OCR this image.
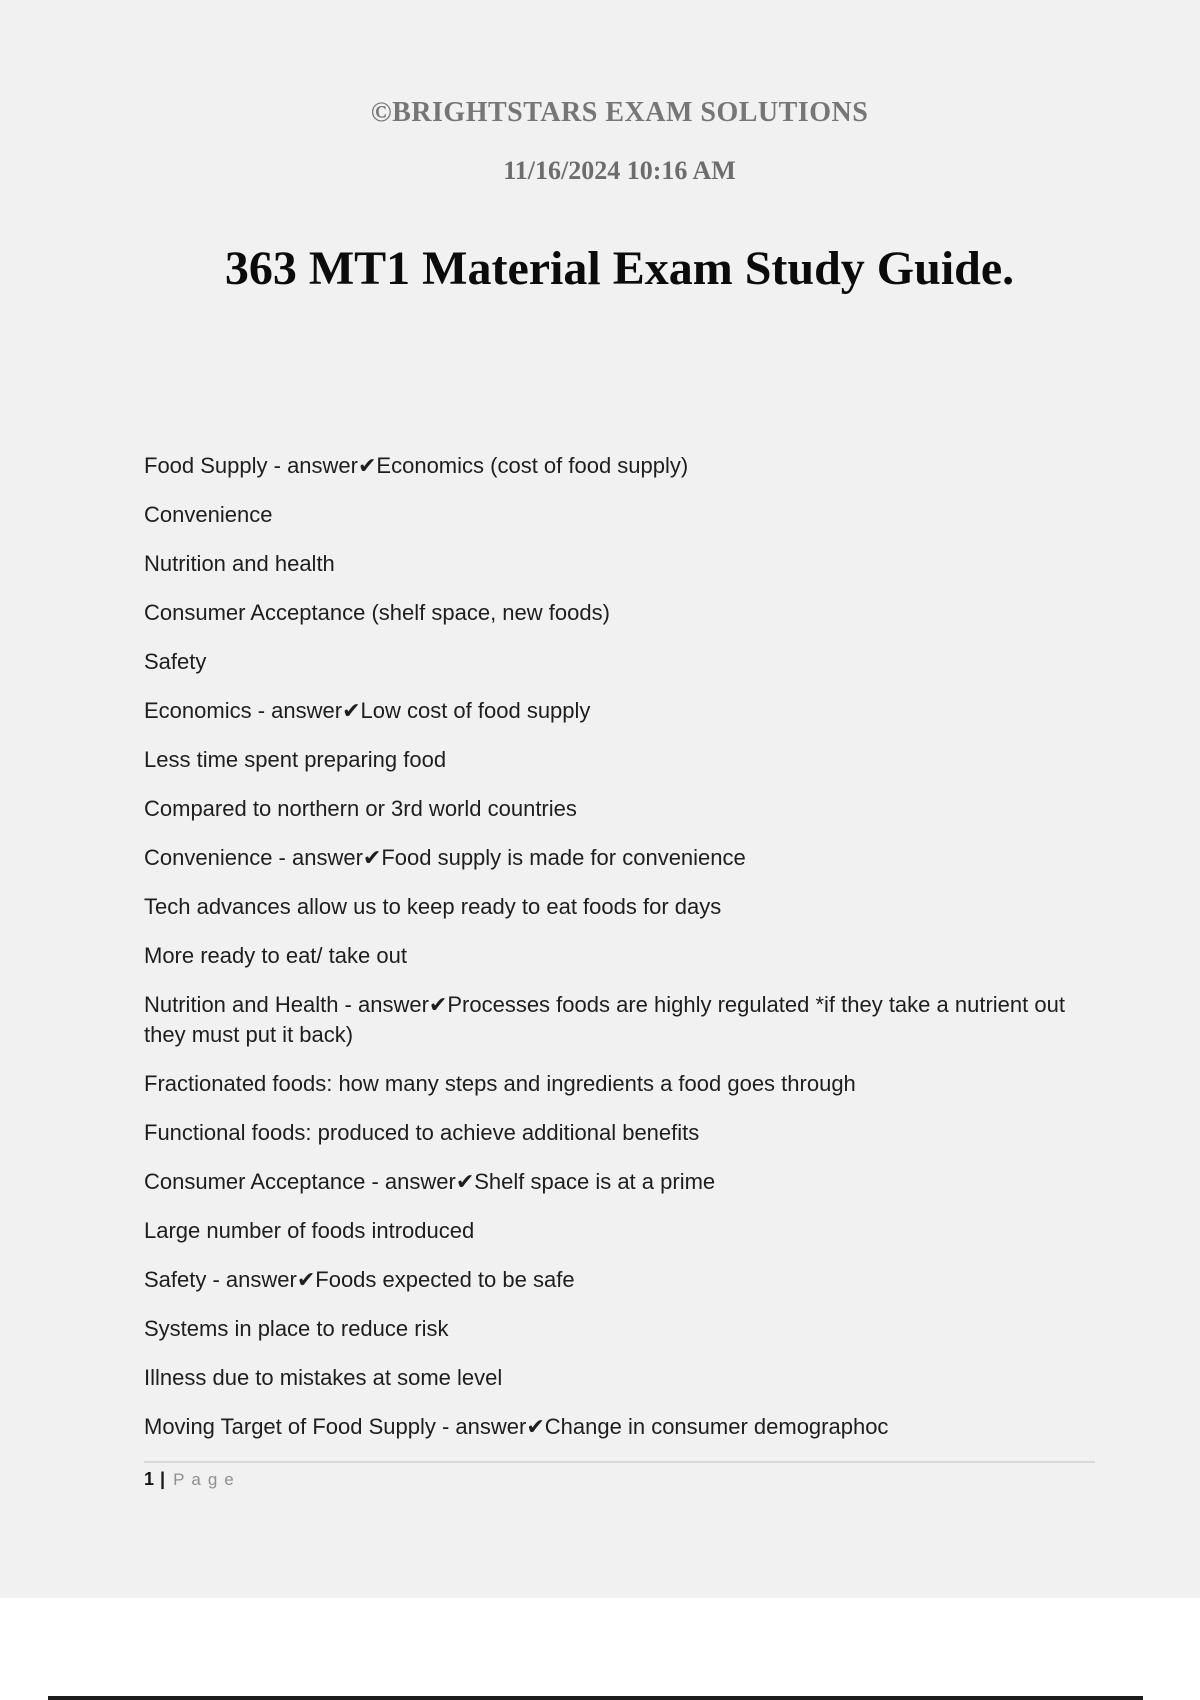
©BRIGHTSTARS EXAM SOLUTIONS
11/16/2024 10:16 AM
363 MT1 Material Exam Study Guide.

Food Supply - answer✔Economics (cost of food supply)

Convenience

Nutrition and health

Consumer Acceptance (shelf space, new foods)

Safety

Economics - answer✔Low cost of food supply

Less time spent preparing food

Compared to northern or 3rd world countries

Convenience - answer✔Food supply is made for convenience

Tech advances allow us to keep ready to eat foods for days

More ready to eat/ take out

Nutrition and Health - answer✔Processes foods are highly regulated *if they take a nutrient out they must put it back)

Fractionated foods: how many steps and ingredients a food goes through

Functional foods: produced to achieve additional benefits

Consumer Acceptance - answer✔Shelf space is at a prime

Large number of foods introduced

Safety - answer✔Foods expected to be safe

Systems in place to reduce risk

Illness due to mistakes at some level

Moving Target of Food Supply - answer✔Change in consumer demographoc

1 | Page
